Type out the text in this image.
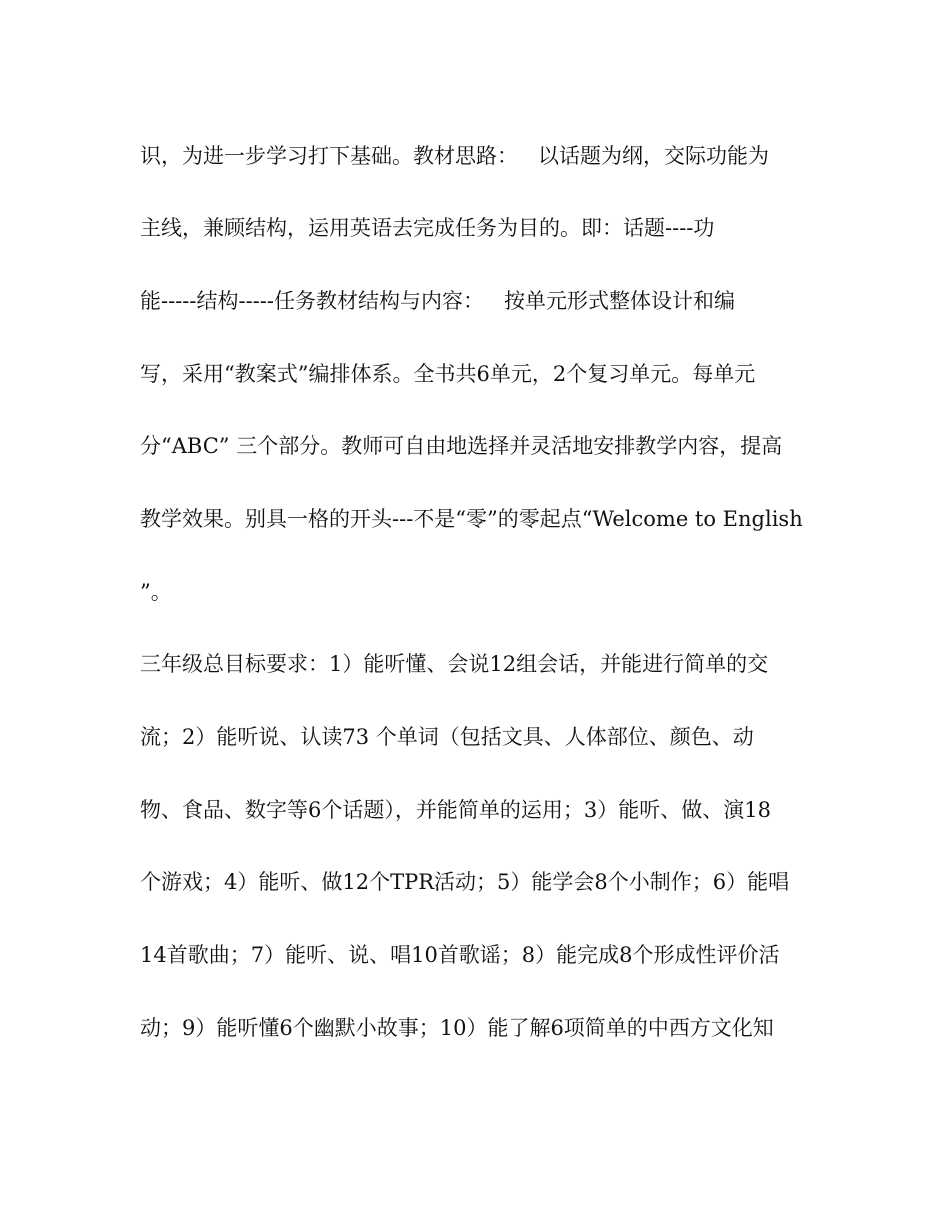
识，为进一步学习打下基础。教材思路：   以话题为纲，交际功能为
主线，兼顾结构，运用英语去完成任务为目的。即：话题----功
能-----结构-----任务教材结构与内容：   按单元形式整体设计和编
写，采用“教案式”编排体系。全书共6单元，2个复习单元。每单元
分“ABC” 三个部分。教师可自由地选择并灵活地安排教学内容，提高
教学效果。别具一格的开头---不是“零”的零起点“Welcome to English
”。
三年级总目标要求：1）能听懂、会说12组会话，并能进行简单的交
流；2）能听说、认读73 个单词（包括文具、人体部位、颜色、动
物、食品、数字等6个话题），并能简单的运用；3）能听、做、演18
个游戏；4）能听、做12个TPR活动；5）能学会8个小制作；6）能唱
14首歌曲；7）能听、说、唱10首歌谣；8）能完成8个形成性评价活
动；9）能听懂6个幽默小故事；10）能了解6项简单的中西方文化知
